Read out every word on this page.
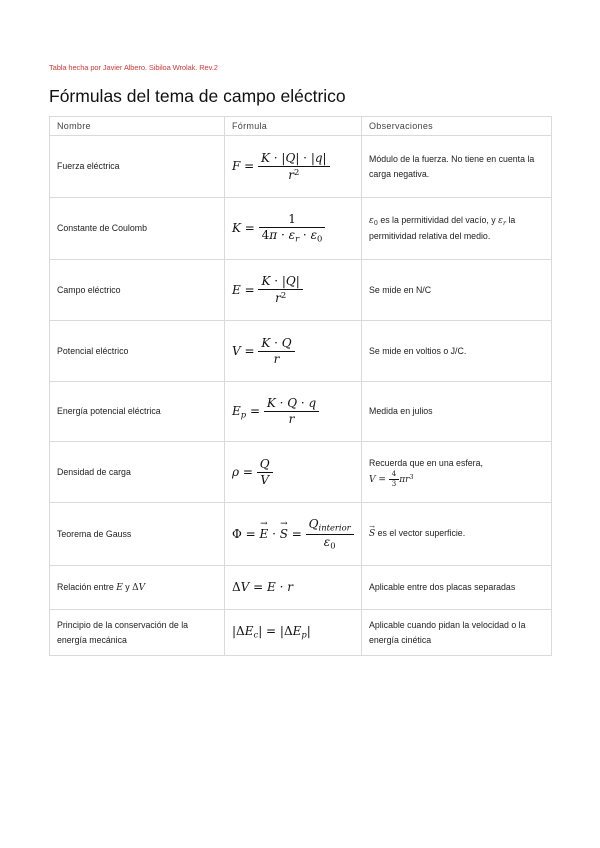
Tabla hecha por Javier Albero. Sibiloa Wrolak. Rev.2
Fórmulas del tema de campo eléctrico
Nombre	Fórmula	Observaciones
Fuerza eléctrica	$F = \frac{K \cdot |Q| \cdot |q|}{r^2}$	Módulo de la fuerza. No tiene en cuenta la carga negativa.
Constante de Coulomb	$K = \frac{1}{4\pi \cdot \varepsilon_r \cdot \varepsilon_0}$	$\varepsilon_0$ es la permitividad del vacío, y $\varepsilon_r$ la permitividad relativa del medio.
Campo eléctrico	$E = \frac{K \cdot |Q|}{r^2}$	Se mide en N/C
Potencial eléctrico	$V = \frac{K \cdot Q}{r}$	Se mide en voltios o J/C.
Energía potencial eléctrica	$E_p = \frac{K \cdot Q \cdot q}{r}$	Medida en julios
Densidad de carga	$\rho = \frac{Q}{V}$	Recuerda que en una esfera,
$V = \frac{4}{3} \pi r^3$
Teorema de Gauss	Φ = → E · → $S = \frac{Q_{interior}}{\varepsilon_0}$	→ S es el vector superficie.
Relación entre E y ΔV	ΔV = E · r	Aplicable entre dos placas separadas
Principio de la conservación de la energía mecánica	$|\Delta E_c| = |\Delta E_p|$	Aplicable cuando pidan la velocidad o la energía cinética
